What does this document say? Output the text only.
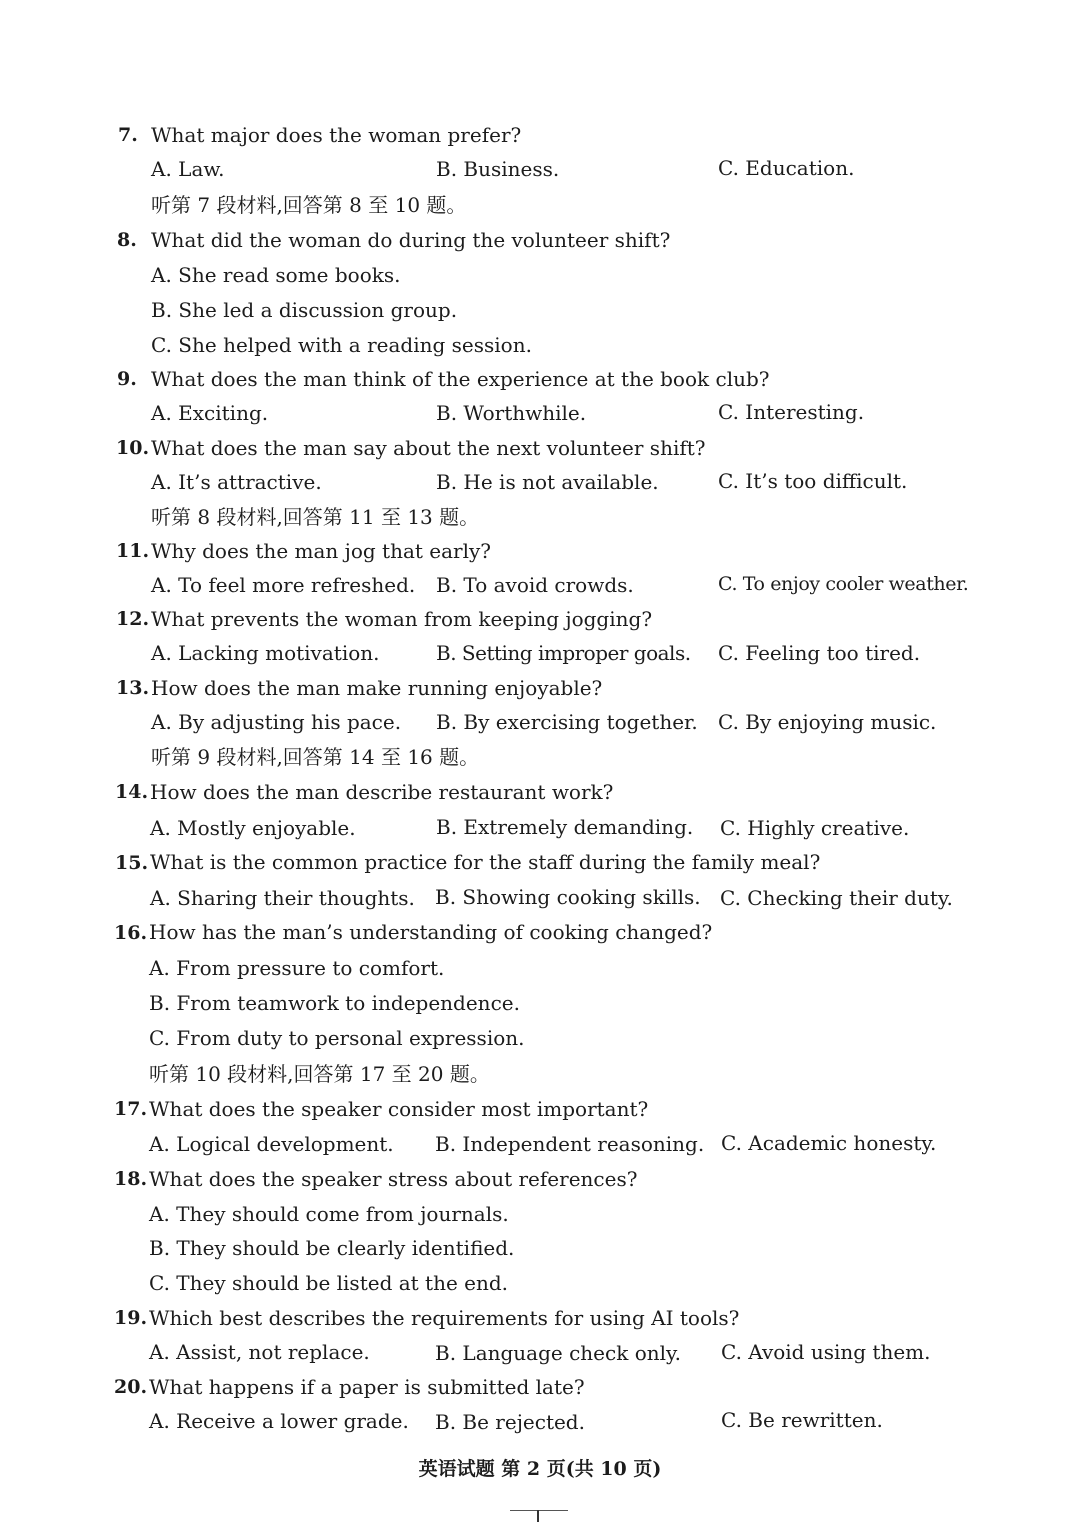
7. What major does the woman prefer?
A. Law.	B. Business.	C. Education.
听第 7 段材料,回答第 8 至 10 题。
8. What did the woman do during the volunteer shift?
A. She read some books.
B. She led a discussion group.
C. She helped with a reading session.
9. What does the man think of the experience at the book club?
A. Exciting.	B. Worthwhile.	C. Interesting.
10. What does the man say about the next volunteer shift?
A. It’s attractive.	B. He is not available.	C. It’s too difficult.
听第 8 段材料,回答第 11 至 13 题。
11. Why does the man jog that early?
A. To feel more refreshed. B. To avoid crowds.	C. To enjoy cooler weather.
12. What prevents the woman from keeping jogging?
A. Lacking motivation.	B. Setting improper goals. C. Feeling too tired.
13. How does the man make running enjoyable?
A. By adjusting his pace. B. By exercising together. C. By enjoying music.
听第 9 段材料,回答第 14 至 16 题。
14. How does the man describe restaurant work?
A. Mostly enjoyable.	B. Extremely demanding. C. Highly creative.
15. What is the common practice for the staff during the family meal?
A. Sharing their thoughts. B. Showing cooking skills. C. Checking their duty.
16. How has the man’s understanding of cooking changed?
A. From pressure to comfort.
B. From teamwork to independence.
C. From duty to personal expression.
听第 10 段材料,回答第 17 至 20 题。
17. What does the speaker consider most important?
A. Logical development. B. Independent reasoning. C. Academic honesty.
18. What does the speaker stress about references?
A. They should come from journals.
B. They should be clearly identified.
C. They should be listed at the end.
19. Which best describes the requirements for using AI tools?
A. Assist, not replace.	B. Language check only. C. Avoid using them.
20. What happens if a paper is submitted late?
A. Receive a lower grade. B. Be rejected.	C. Be rewritten.
英语试题 第 2 页(共 10 页)
